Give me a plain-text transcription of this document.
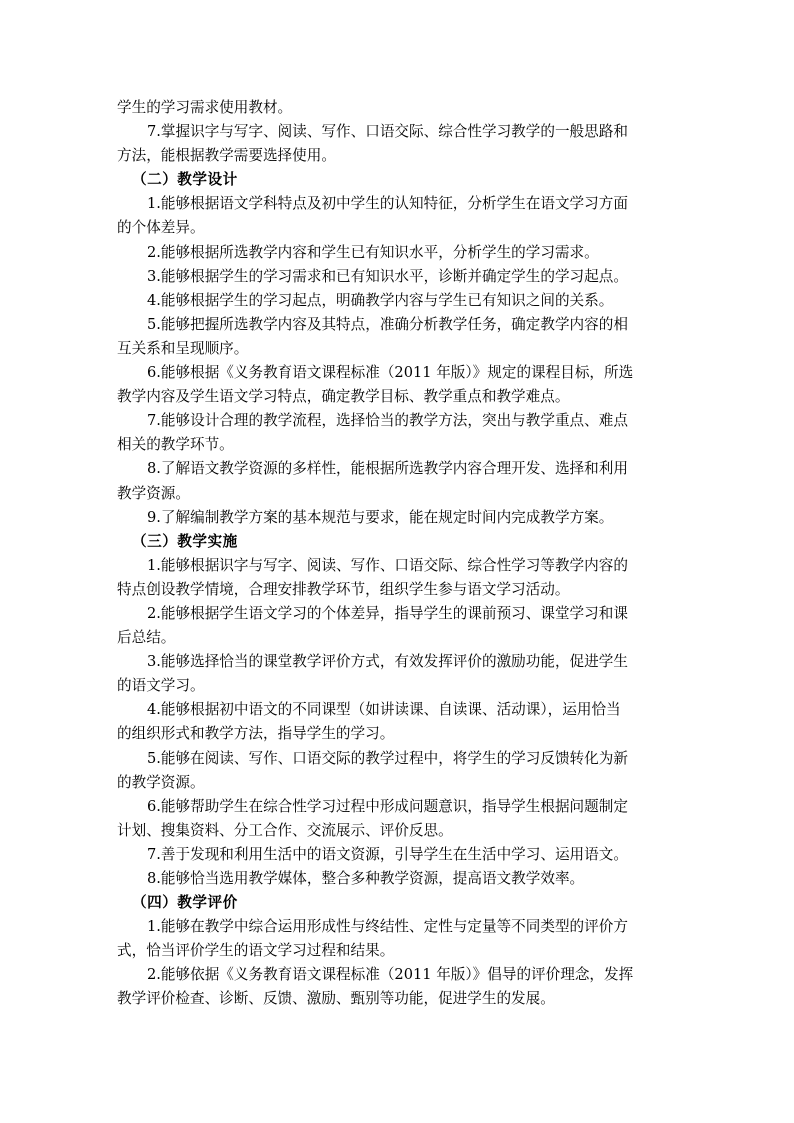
学生的学习需求使用教材。
7.掌握识字与写字、阅读、写作、口语交际、综合性学习教学的一般思路和
方法，能根据教学需要选择使用。
（二）教学设计
1.能够根据语文学科特点及初中学生的认知特征，分析学生在语文学习方面
的个体差异。
2.能够根据所选教学内容和学生已有知识水平，分析学生的学习需求。
3.能够根据学生的学习需求和已有知识水平，诊断并确定学生的学习起点。
4.能够根据学生的学习起点，明确教学内容与学生已有知识之间的关系。
5.能够把握所选教学内容及其特点，准确分析教学任务，确定教学内容的相
互关系和呈现顺序。
6.能够根据《义务教育语文课程标准（2011 年版）》规定的课程目标，所选
教学内容及学生语文学习特点，确定教学目标、教学重点和教学难点。
7.能够设计合理的教学流程，选择恰当的教学方法，突出与教学重点、难点
相关的教学环节。
8.了解语文教学资源的多样性，能根据所选教学内容合理开发、选择和利用
教学资源。
9.了解编制教学方案的基本规范与要求，能在规定时间内完成教学方案。
（三）教学实施
1.能够根据识字与写字、阅读、写作、口语交际、综合性学习等教学内容的
特点创设教学情境，合理安排教学环节，组织学生参与语文学习活动。
2.能够根据学生语文学习的个体差异，指导学生的课前预习、课堂学习和课
后总结。
3.能够选择恰当的课堂教学评价方式，有效发挥评价的激励功能，促进学生
的语文学习。
4.能够根据初中语文的不同课型（如讲读课、自读课、活动课），运用恰当
的组织形式和教学方法，指导学生的学习。
5.能够在阅读、写作、口语交际的教学过程中，将学生的学习反馈转化为新
的教学资源。
6.能够帮助学生在综合性学习过程中形成问题意识，指导学生根据问题制定
计划、搜集资料、分工合作、交流展示、评价反思。
7.善于发现和利用生活中的语文资源，引导学生在生活中学习、运用语文。
8.能够恰当选用教学媒体，整合多种教学资源，提高语文教学效率。
（四）教学评价
1.能够在教学中综合运用形成性与终结性、定性与定量等不同类型的评价方
式，恰当评价学生的语文学习过程和结果。
2.能够依据《义务教育语文课程标准（2011 年版）》倡导的评价理念，发挥
教学评价检查、诊断、反馈、激励、甄别等功能，促进学生的发展。
